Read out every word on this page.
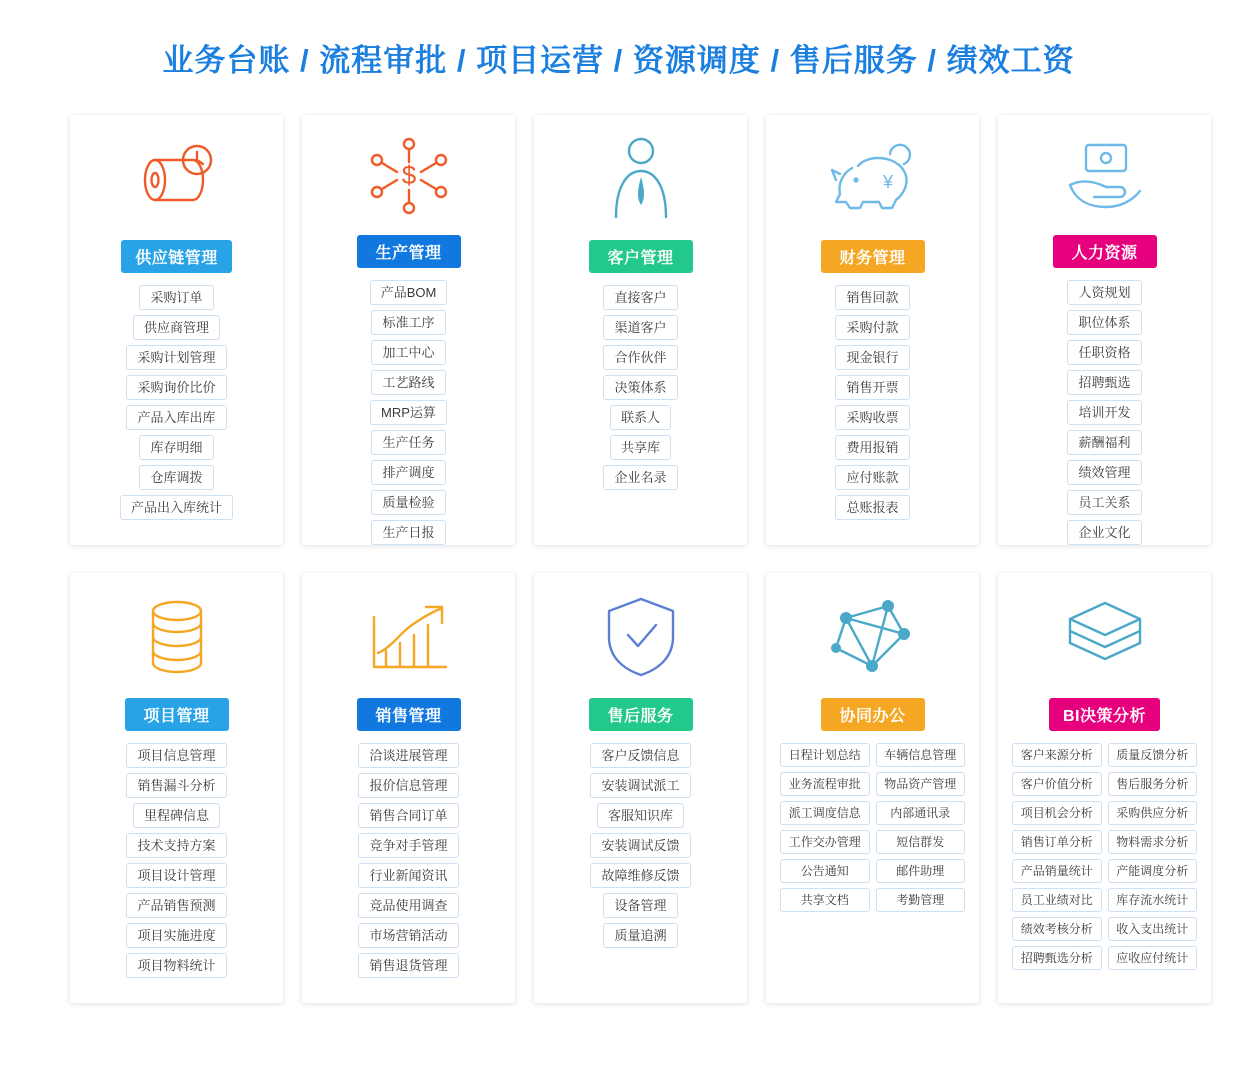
业务台账 / 流程审批 / 项目运营 / 资源调度 / 售后服务 / 绩效工资
供应链管理
采购订单
供应商管理
采购计划管理
采购询价比价
产品入库出库
库存明细
仓库调拨
产品出入库统计
$
生产管理
产品BOM
标准工序
加工中心
工艺路线
MRP运算
生产任务
排产调度
质量检验
生产日报
客户管理
直接客户
渠道客户
合作伙伴
决策体系
联系人
共享库
企业名录
¥
财务管理
销售回款
采购付款
现金银行
销售开票
采购收票
费用报销
应付账款
总账报表
人力资源
人资规划
职位体系
任职资格
招聘甄选
培训开发
薪酬福利
绩效管理
员工关系
企业文化
项目管理
项目信息管理
销售漏斗分析
里程碑信息
技术支持方案
项目设计管理
产品销售预测
项目实施进度
项目物料统计
销售管理
洽谈进展管理
报价信息管理
销售合同订单
竞争对手管理
行业新闻资讯
竞品使用调查
市场营销活动
销售退货管理
售后服务
客户反馈信息
安装调试派工
客服知识库
安装调试反馈
故障维修反馈
设备管理
质量追溯
协同办公
日程计划总结	车辆信息管理
业务流程审批	物品资产管理
派工调度信息	内部通讯录
工作交办管理	短信群发
公告通知	邮件助理
共享文档	考勤管理
BI决策分析
客户来源分析	质量反馈分析
客户价值分析	售后服务分析
项目机会分析	采购供应分析
销售订单分析	物料需求分析
产品销量统计	产能调度分析
员工业绩对比	库存流水统计
绩效考核分析	收入支出统计
招聘甄选分析	应收应付统计
